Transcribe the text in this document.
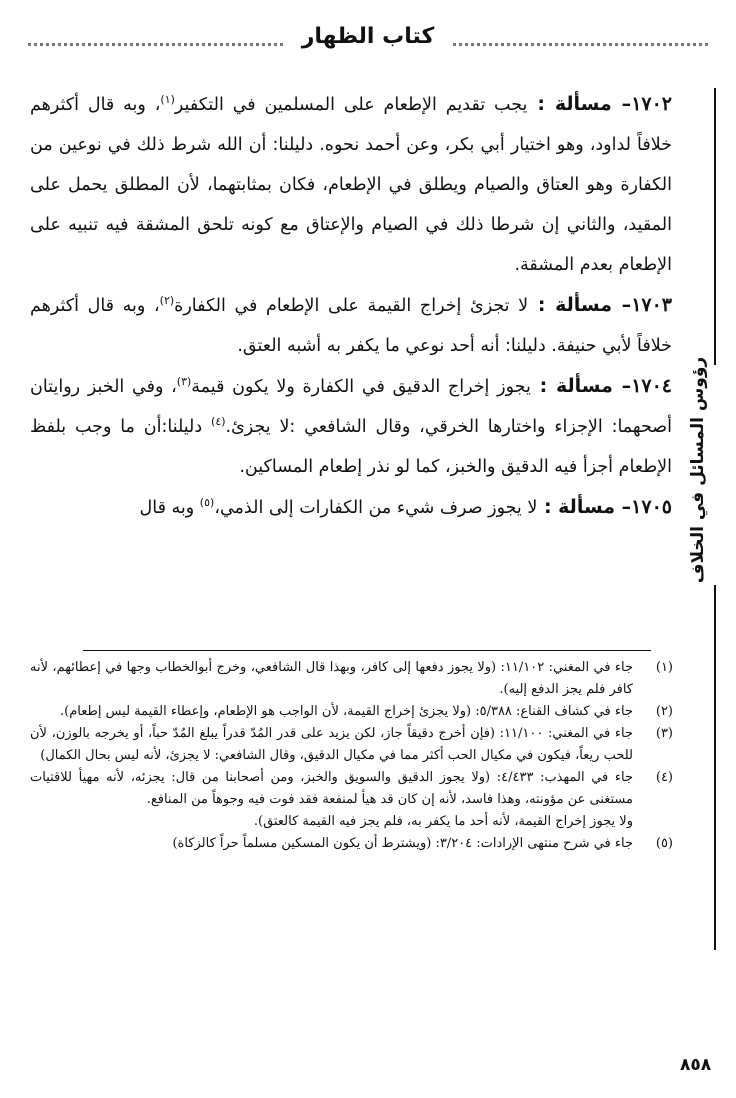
كتاب الظهار
رؤوس المسائل في الخلاف

١٧٠٢– مسألة : يجب تقديم الإطعام على المسلمين في التكفير$^{(١)}$، وبه قال أكثرهم خلافاً لداود، وهو اختيار أبي بكر، وعن أحمد نحوه. دليلنا: أن الله شرط ذلك في نوعين من الكفارة وهو العتاق والصيام ويطلق في الإطعام، فكان بمثابتهما، لأن المطلق يحمل على المقيد، والثاني إن شرطا ذلك في الصيام والإعتاق مع كونه تلحق المشقة فيه تنبيه على الإطعام بعدم المشقة.

١٧٠٣– مسألة : لا تجزئ إخراج القيمة على الإطعام في الكفارة$^{(٢)}$، وبه قال أكثرهم خلافاً لأبي حنيفة. دليلنا: أنه أحد نوعي ما يكفر به أشبه العتق.

١٧٠٤– مسألة : يجوز إخراج الدقيق في الكفارة ولا يكون قيمة$^{(٣)}$، وفي الخبز روايتان أصحهما: الإجزاء واختارها الخرقي، وقال الشافعي :لا يجزئ.$^{(٤)}$ دليلنا:أن ما وجب بلفظ الإطعام أجزأ فيه الدقيق والخبز، كما لو نذر إطعام المساكين.

١٧٠٥– مسألة : لا يجوز صرف شيء من الكفارات إلى الذمي،$^{(٥)}$ وبه قال

(١)
جاء في المغني: ١١/١٠٢: (ولا يجوز دفعها إلى كافر، وبهذا قال الشافعي، وخرج أبوالخطاب وجها في إعطائهم، لأنه كافر فلم يجز الدفع إليه).

(٢)
جاء في كشاف القناع: ٥/٣٨٨: (ولا يجزئ إخراج القيمة، لأن الواجب هو الإطعام، وإعطاء القيمة ليس إطعام).

(٣)
جاء في المغني: ١١/١٠٠: (فإن أخرج دقيقاً جاز، لكن يزيد على قدر المُدّ قدراً يبلغ المُدّ حباً، أو يخرجه بالوزن، لأن للحب ريعاً، فيكون في مكيال الحب أكثر مما في مكيال الدقيق، وقال الشافعي: لا يجزئ، لأنه ليس بحال الكمال)

(٤)
جاء في المهذب: ٤/٤٣٣: (ولا يجوز الدقيق والسويق والخبز، ومن أصحابنا من قال: يجزئه، لأنه مهيأ للاقتيات مستغنى عن مؤونته، وهذا فاسد، لأنه إن كان قد هيأ لمنفعة فقد فوت فيه وجوهاً من المنافع.
ولا يجوز إخراج القيمة، لأنه أحد ما يكفر به، فلم يجز فيه القيمة كالعتق).

(٥)
جاء في شرح منتهى الإرادات: ٣/٢٠٤: (ويشترط أن يكون المسكين مسلماً حراً كالزكاة)

٨٥٨
